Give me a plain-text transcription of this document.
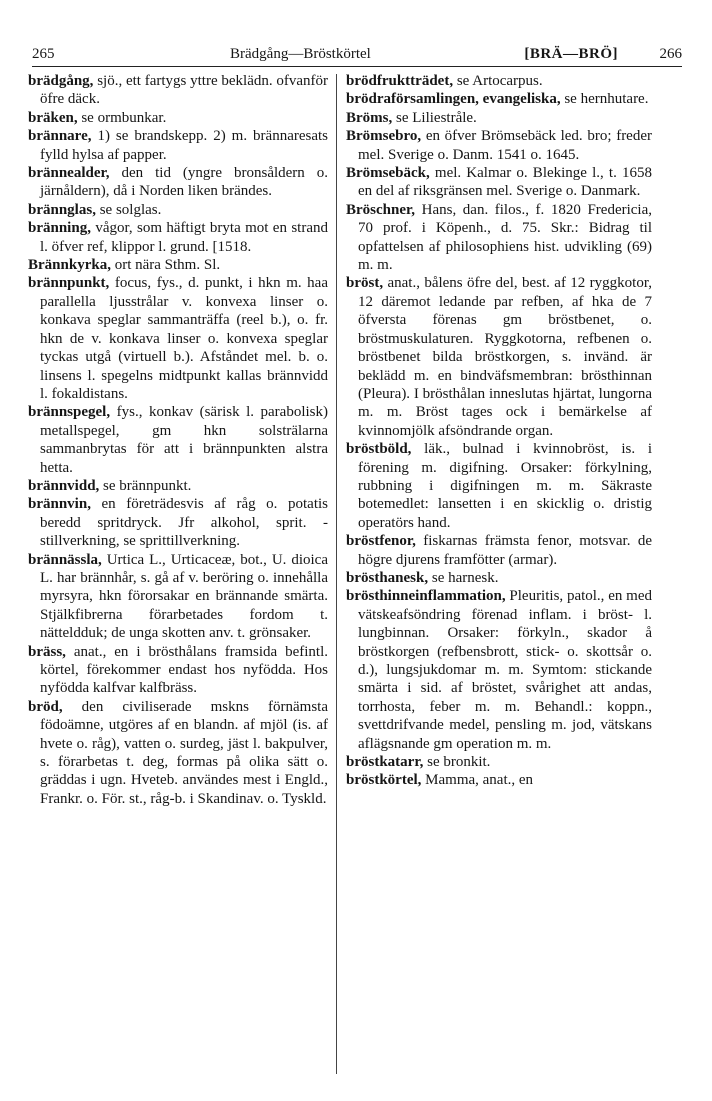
265	Brädgång—Bröstkörtel	[BRÄ—BRÖ]	266

brädgång, sjö., ett fartygs yttre beklädn. ofvanför öfre däck.

bräken, se ormbunkar.

brännare, 1) se brandskepp. 2) m. brännaresats fylld hylsa af papper.

brännealder, den tid (yngre bronsåldern o. järnåldern), då i Norden liken brändes.

brännglas, se solglas.

bränning, vågor, som häftigt bryta mot en strand l. öfver ref, klippor l. grund. [1518.

Brännkyrka, ort nära Sthm. Sl.

brännpunkt, focus, fys., d. punkt, i hkn m. haa parallella ljusstrålar v. konvexa linser o. konkava speglar sammanträffa (reel b.), o. fr. hkn de v. konkava linser o. konvexa speglar tyckas utgå (virtuell b.). Afståndet mel. b. o. linsens l. spegelns midtpunkt kallas brännvidd l. fokaldistans.

brännspegel, fys., konkav (särisk l. parabolisk) metallspegel, gm hkn solsträlarna sammanbrytas för att i brännpunkten alstra hetta.

brännvidd, se brännpunkt.

brännvin, en företrädesvis af råg o. potatis beredd spritdryck. Jfr alkohol, sprit. -stillverkning, se sprittillverkning.

brännässla, Urtica L., Urticaceæ, bot., U. dioica L. har brännhår, s. gå af v. beröring o. innehålla myrsyra, hkn förorsakar en brännande smärta. Stjälkfibrerna förarbetades fordom t. nätteldduk; de unga skotten anv. t. grönsaker.

bräss, anat., en i brösthålans framsida befintl. körtel, förekommer endast hos nyfödda. Hos nyfödda kalfvar kalfbräss.

bröd, den civiliserade mskns förnämsta födoämne, utgöres af en blandn. af mjöl (is. af hvete o. råg), vatten o. surdeg, jäst l. bakpulver, s. förarbetas t. deg, formas på olika sätt o. gräddas i ugn. Hveteb. användes mest i Engld., Frankr. o. För. st., råg-b. i Skandinav. o. Tyskld.

brödfruktträdet, se Artocarpus.

brödraförsamlingen, evangeliska, se hernhutare.

Bröms, se Liliestråle.

Brömsebro, en öfver Brömsebäck led. bro; freder mel. Sverige o. Danm. 1541 o. 1645.

Brömsebäck, mel. Kalmar o. Blekinge l., t. 1658 en del af riksgränsen mel. Sverige o. Danmark.

Bröschner, Hans, dan. filos., f. 1820 Fredericia, 70 prof. i Köpenh., d. 75. Skr.: Bidrag til opfattelsen af philosophiens hist. udvikling (69) m. m.

bröst, anat., bålens öfre del, best. af 12 ryggkotor, 12 däremot ledande par refben, af hka de 7 öfversta förenas gm bröstbenet, o. bröstmuskulaturen. Ryggkotorna, refbenen o. bröstbenet bilda bröstkorgen, s. invänd. är beklädd m. en bindväfsmembran: brösthinnan (Pleura). I brösthålan inneslutas hjärtat, lungorna m. m. Bröst tages ock i bemärkelse af kvinnomjölk afsöndrande organ.

bröstböld, läk., bulnad i kvinnobröst, is. i förening m. digifning. Orsaker: förkylning, rubbning i digifningen m. m. Säkraste botemedlet: lansetten i en skicklig o. dristig operatörs hand.

bröstfenor, fiskarnas främsta fenor, motsvar. de högre djurens framfötter (armar).

brösthanesk, se harnesk.

brösthinneinflammation, Pleuritis, patol., en med vätskeafsöndring förenad inflam. i bröst- l. lungbinnan. Orsaker: förkyln., skador å bröstkorgen (refbensbrott, stick- o. skottsår o. d.), lungsjukdomar m. m. Symtom: stickande smärta i sid. af bröstet, svårighet att andas, torrhosta, feber m. m. Behandl.: koppn., svettdrifvande medel, pensling m. jod, vätskans aflägsnande gm operation m. m.

bröstkatarr, se bronkit.

bröstkörtel, Mamma, anat., en
